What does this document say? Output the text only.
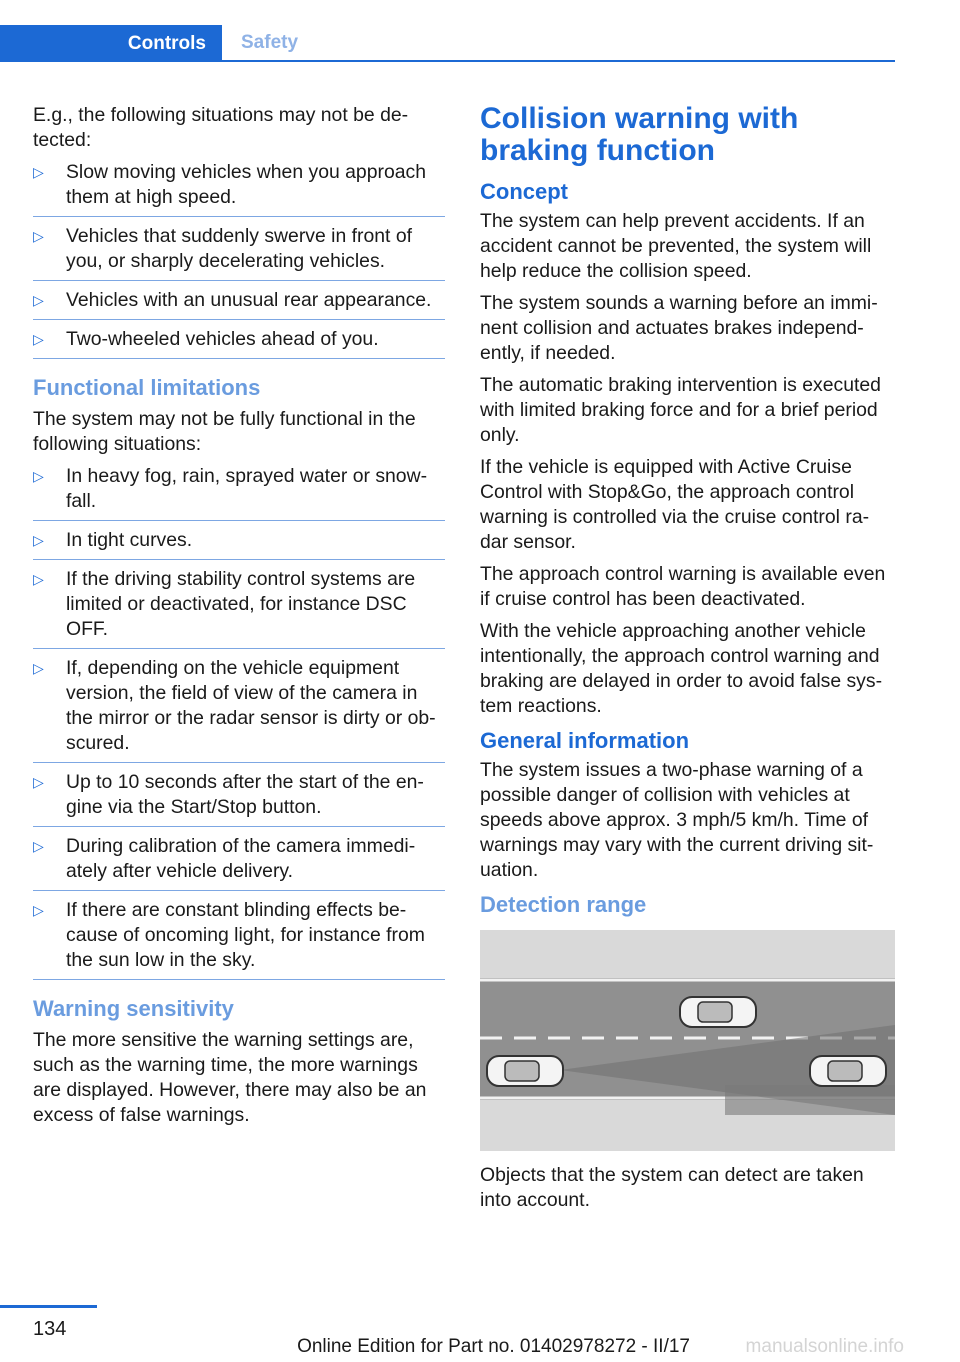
Controls	Safety

E.g., the following situations may not be de‐tected:

▷ Slow moving vehicles when you approach them at high speed.
▷ Vehicles that suddenly swerve in front of you, or sharply decelerating vehicles.
▷ Vehicles with an unusual rear appearance.
▷ Two-wheeled vehicles ahead of you.
Functional limitations

The system may not be fully functional in the following situations:

▷ In heavy fog, rain, sprayed water or snow‐fall.
▷ In tight curves.
▷ If the driving stability control systems are limited or deactivated, for instance DSC OFF.
▷ If, depending on the vehicle equipment version, the field of view of the camera in the mirror or the radar sensor is dirty or ob‐scured.
▷ Up to 10 seconds after the start of the en‐gine via the Start/Stop button.
▷ During calibration of the camera immedi‐ately after vehicle delivery.
▷ If there are constant blinding effects be‐cause of oncoming light, for instance from the sun low in the sky.
Warning sensitivity

The more sensitive the warning settings are, such as the warning time, the more warnings are displayed. However, there may also be an excess of false warnings.

Collision warning with braking function
Concept

The system can help prevent accidents. If an accident cannot be prevented, the system will help reduce the collision speed.

The system sounds a warning before an immi‐nent collision and actuates brakes independ‐ently, if needed.

The automatic braking intervention is executed with limited braking force and for a brief period only.

If the vehicle is equipped with Active Cruise Control with Stop&Go, the approach control warning is controlled via the cruise control ra‐dar sensor.

The approach control warning is available even if cruise control has been deactivated.

With the vehicle approaching another vehicle intentionally, the approach control warning and braking are delayed in order to avoid false sys‐tem reactions.

General information

The system issues a two-phase warning of a possible danger of collision with vehicles at speeds above approx. 3 mph/5 km/h. Time of warnings may vary with the current driving sit‐uation.

Detection range

Objects that the system can detect are taken into account.

134
Online Edition for Part no. 01402978272 - II/17	manualsonline.info
